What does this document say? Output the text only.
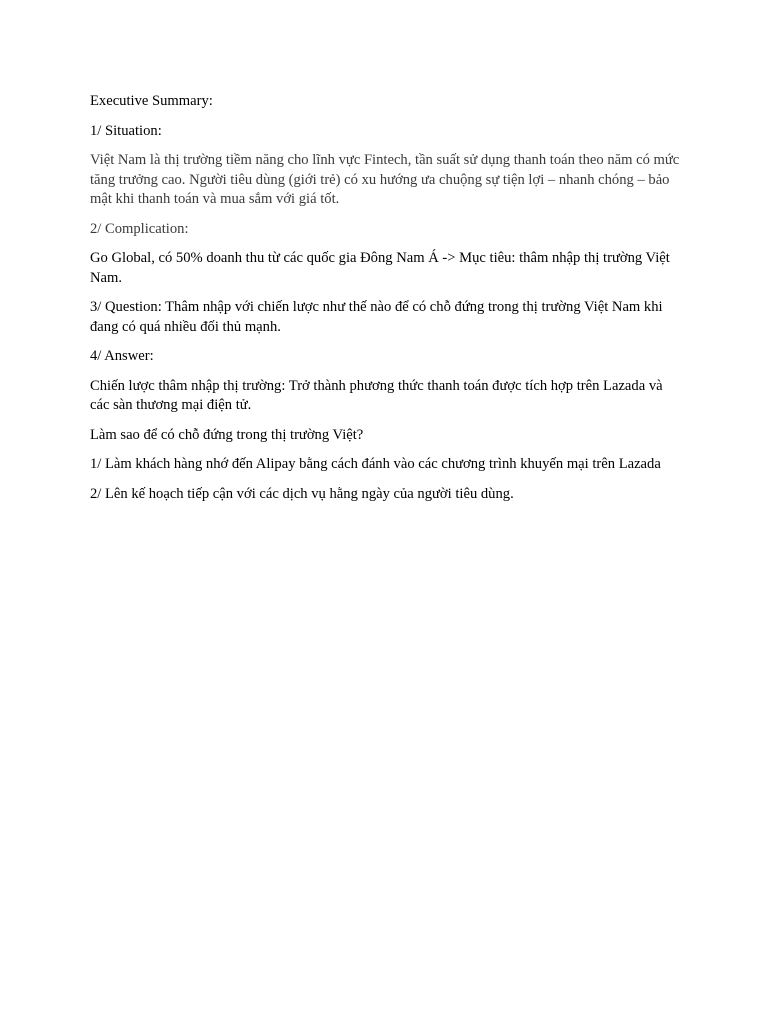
Executive Summary:

1/ Situation:

Việt Nam là thị trường tiềm năng cho lĩnh vực Fintech, tần suất sử dụng thanh toán theo năm có mức tăng trưởng cao. Người tiêu dùng (giới trẻ) có xu hướng ưa chuộng sự tiện lợi – nhanh chóng – bảo mật khi thanh toán và mua sắm với giá tốt.

2/ Complication:

Go Global, có 50% doanh thu từ các quốc gia Đông Nam Á -> Mục tiêu: thâm nhập thị trường Việt Nam.

3/ Question: Thâm nhập với chiến lược như thế nào để có chỗ đứng trong thị trường Việt Nam khi đang có quá nhiều đối thủ mạnh.

4/ Answer:

Chiến lược thâm nhập thị trường: Trở thành phương thức thanh toán được tích hợp trên Lazada và các sàn thương mại điện tử.

Làm sao để có chỗ đứng trong thị trường Việt?

1/ Làm khách hàng nhớ đến Alipay bằng cách đánh vào các chương trình khuyến mại trên Lazada

2/ Lên kế hoạch tiếp cận với các dịch vụ hằng ngày của người tiêu dùng.
